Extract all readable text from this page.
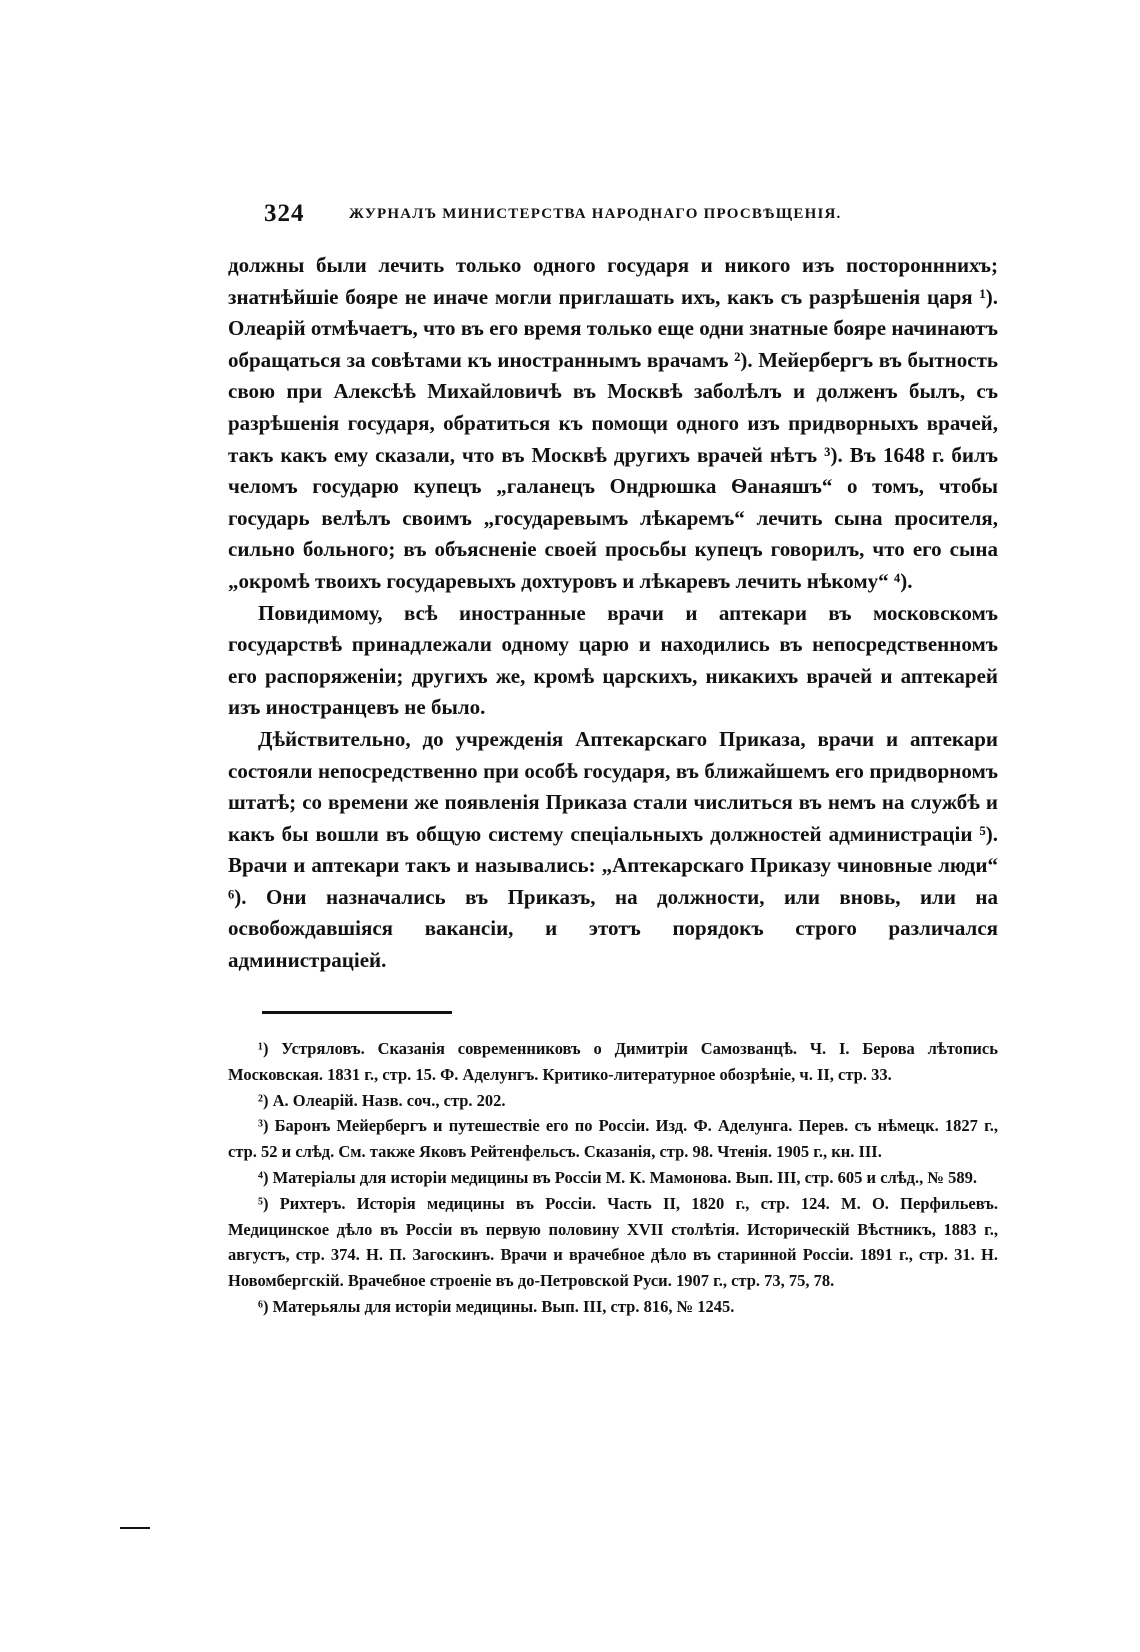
324	ЖУРНАЛЪ МИНИСТЕРСТВА НАРОДНАГО ПРОСВѢЩЕНІЯ.

должны были лечить только одного государя и никого изъ посторонннихъ; знатнѣйшіе бояре не иначе могли приглашать ихъ, какъ съ разрѣшенія царя ¹). Олеарій отмѣчаетъ, что въ его время только еще одни знатные бояре начинаютъ обращаться за совѣтами къ иностраннымъ врачамъ ²). Мейербергъ въ бытность свою при Алексѣѣ Михайловичѣ въ Москвѣ заболѣлъ и долженъ былъ, съ разрѣшенія государя, обратиться къ помощи одного изъ придворныхъ врачей, такъ какъ ему сказали, что въ Москвѣ другихъ врачей нѣтъ ³). Въ 1648 г. билъ челомъ государю купецъ „галанецъ Ондрюшка Ѳанаяшъ“ о томъ, чтобы государь велѣлъ своимъ „государевымъ лѣкаремъ“ лечить сына просителя, сильно больного; въ объясненіе своей просьбы купецъ говорилъ, что его сына „окромѣ твоихъ государевыхъ дохтуровъ и лѣкаревъ лечить нѣкому“ ⁴).

Повидимому, всѣ иностранные врачи и аптекари въ московскомъ государствѣ принадлежали одному царю и находились въ непосредственномъ его распоряженіи; другихъ же, кромѣ царскихъ, никакихъ врачей и аптекарей изъ иностранцевъ не было.

Дѣйствительно, до учрежденія Аптекарскаго Приказа, врачи и аптекари состояли непосредственно при особѣ государя, въ ближайшемъ его придворномъ штатѣ; со времени же появленія Приказа стали числиться въ немъ на службѣ и какъ бы вошли въ общую систему спеціальныхъ должностей администраціи ⁵). Врачи и аптекари такъ и назывались: „Аптекарскаго Приказу чиновные люди“ ⁶). Они назначались въ Приказъ, на должности, или вновь, или на освобождавшіяся вакансіи, и этотъ порядокъ строго различался администраціей.

¹) Устряловъ. Сказанія современниковъ о Димитріи Самозванцѣ. Ч. I. Берова лѣтопись Московская. 1831 г., стр. 15. Ф. Аделунгъ. Критико-литературное обозрѣніе, ч. II, стр. 33.

²) А. Олеарій. Назв. соч., стр. 202.

³) Баронъ Мейербергъ и путешествіе его по Россіи. Изд. Ф. Аделунга. Перев. съ нѣмецк. 1827 г., стр. 52 и слѣд. См. также Яковъ Рейтенфельсъ. Сказанія, стр. 98. Чтенія. 1905 г., кн. III.

⁴) Матеріалы для исторіи медицины въ Россіи М. К. Мамонова. Вып. III, стр. 605 и слѣд., № 589.

⁵) Рихтеръ. Исторія медицины въ Россіи. Часть II, 1820 г., стр. 124. М. О. Перфильевъ. Медицинское дѣло въ Россіи въ первую половину XVII столѣтія. Историческій Вѣстникъ, 1883 г., августъ, стр. 374. Н. П. Загоскинъ. Врачи и врачебное дѣло въ старинной Россіи. 1891 г., стр. 31. Н. Новомбергскій. Врачебное строеніе въ до-Петровской Руси. 1907 г., стр. 73, 75, 78.

⁶) Матерьялы для исторіи медицины. Вып. III, стр. 816, № 1245.
